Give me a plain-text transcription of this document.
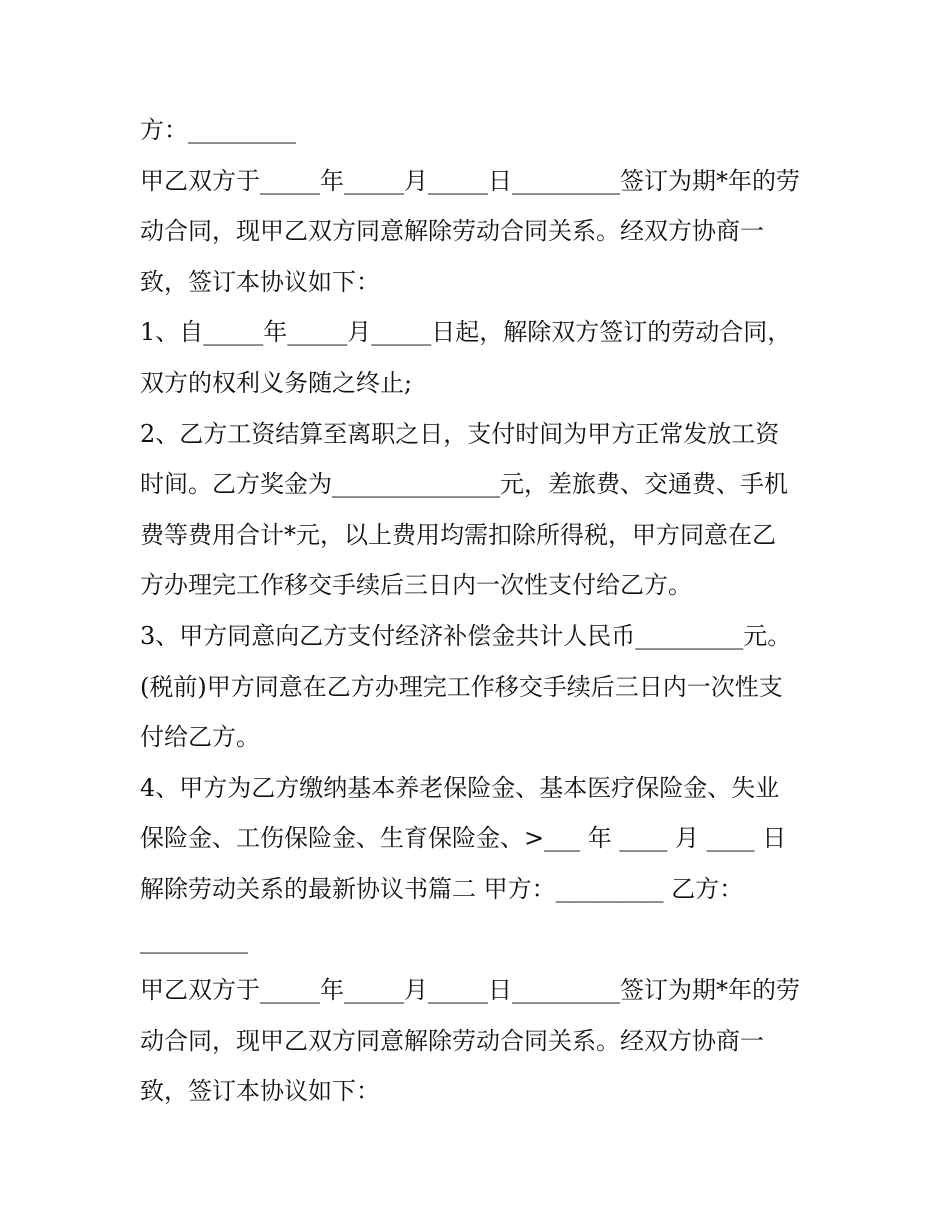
方：_________
甲乙双方于_____年_____月_____日_________签订为期*年的劳
动合同，现甲乙双方同意解除劳动合同关系。经双方协商一
致，签订本协议如下：
1、自_____年_____月_____日起，解除双方签订的劳动合同，
双方的权利义务随之终止;
2、乙方工资结算至离职之日，支付时间为甲方正常发放工资
时间。乙方奖金为______________元，差旅费、交通费、手机
费等费用合计*元，以上费用均需扣除所得税，甲方同意在乙
方办理完工作移交手续后三日内一次性支付给乙方。
3、甲方同意向乙方支付经济补偿金共计人民币_________元。
(税前)甲方同意在乙方办理完工作移交手续后三日内一次性支
付给乙方。
4、甲方为乙方缴纳基本养老保险金、基本医疗保险金、失业
保险金、工伤保险金、生育保险金、>___ 年 ____ 月 ____ 日
解除劳动关系的最新协议书篇二 甲方：_________ 乙方：
_________
甲乙双方于_____年_____月_____日_________签订为期*年的劳
动合同，现甲乙双方同意解除劳动合同关系。经双方协商一
致，签订本协议如下：
